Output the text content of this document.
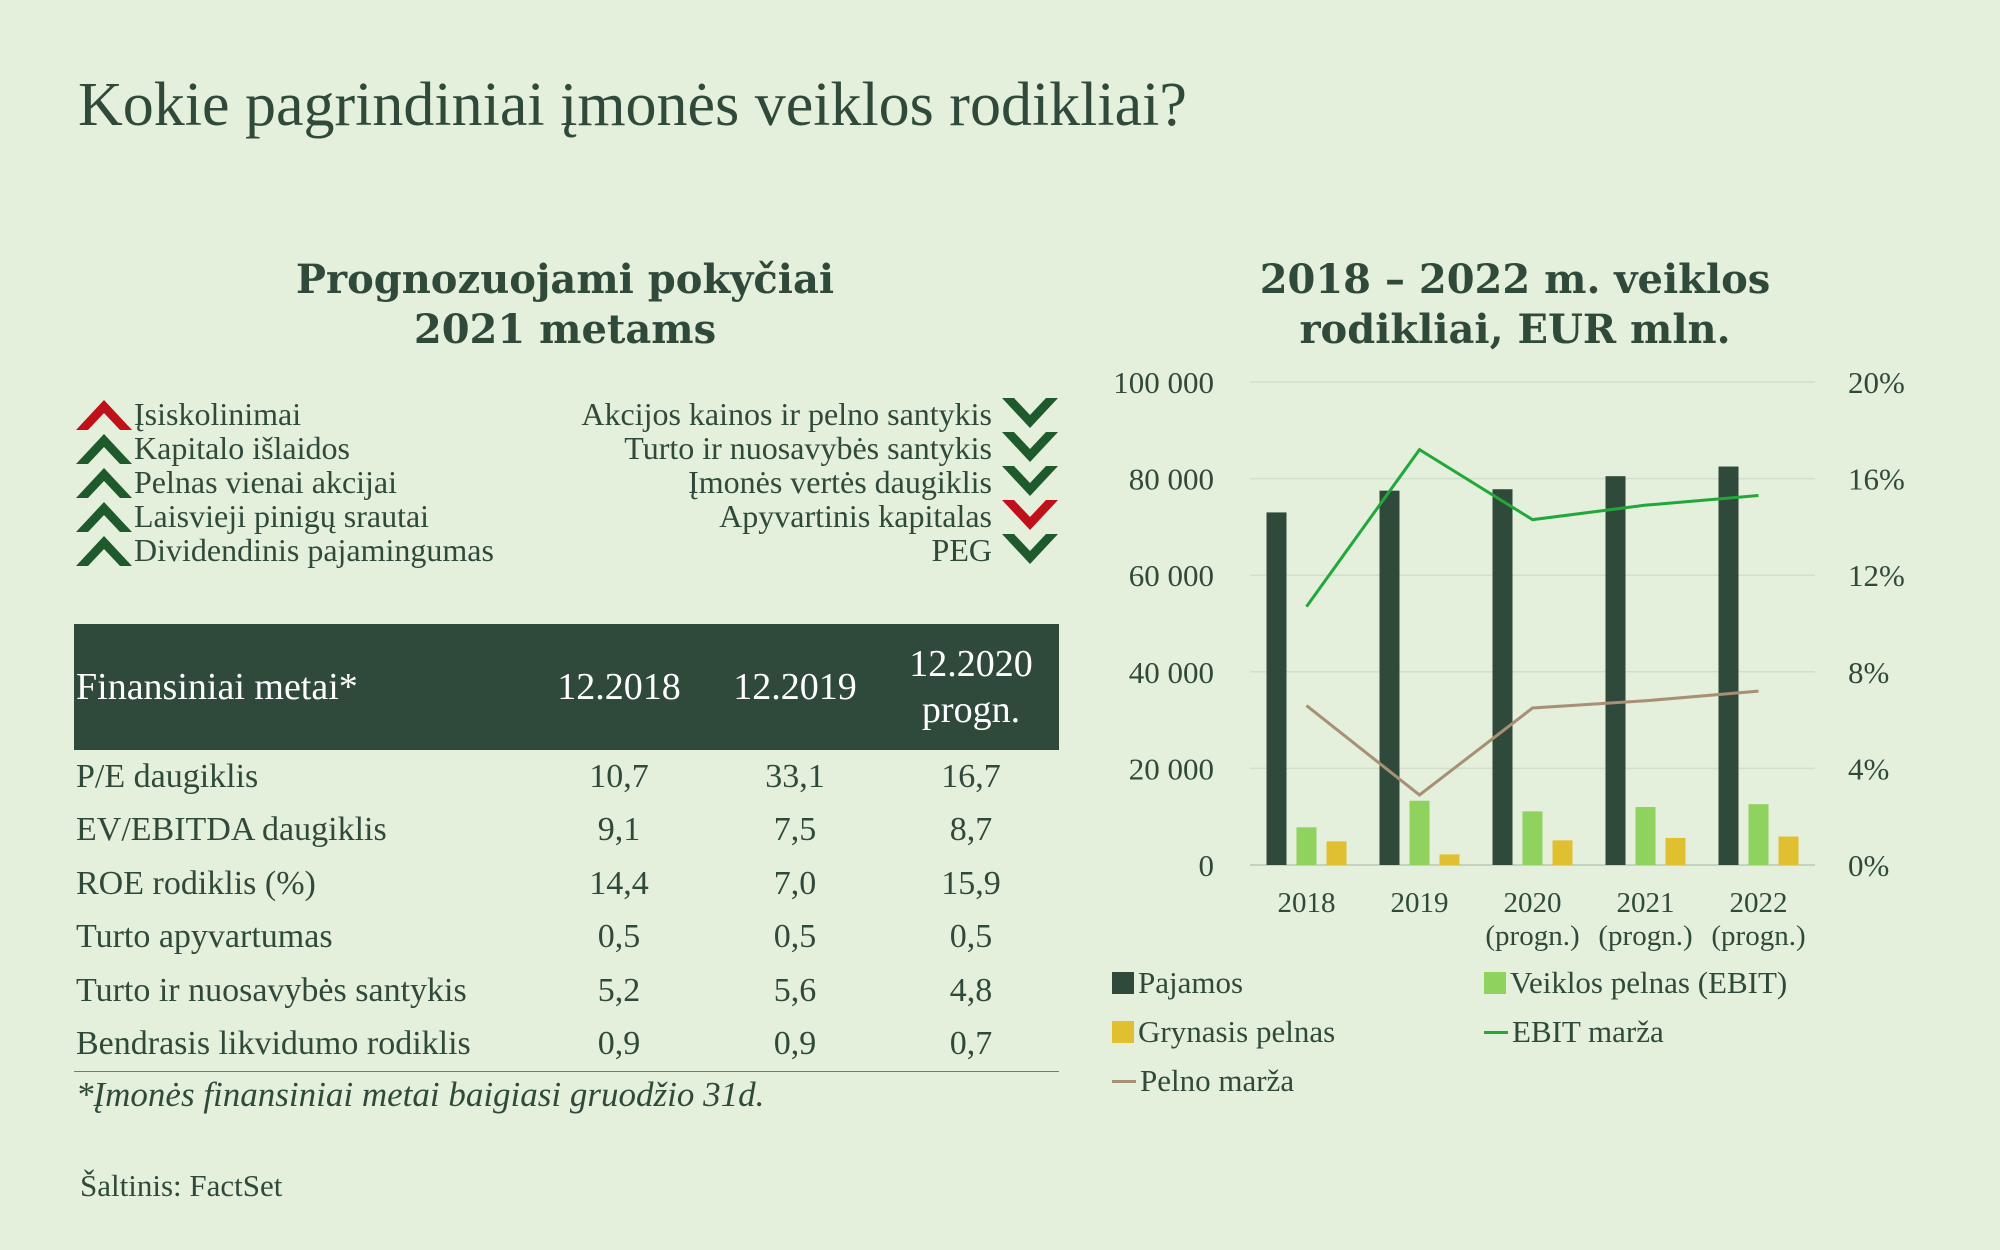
Kokie pagrindiniai įmonės veiklos rodikliai?
Prognozuojami pokyčiai
2021 metams
2018 – 2022 m. veiklos
rodikliai, EUR mln.
Įsiskolinimai
Kapitalo išlaidos
Pelnas vienai akcijai
Laisvieji pinigų srautai
Dividendinis pajamingumas
Akcijos kainos ir pelno santykis
Turto ir nuosavybės santykis
Įmonės vertės daugiklis
Apyvartinis kapitalas
PEG
Finansiniai metai*	12.2018	12.2019	12.2020
progn.

P/E daugiklis	10,7	33,1	16,7
EV/EBITDA daugiklis	9,1	7,5	8,7
ROE rodiklis (%)	14,4	7,0	15,9
Turto apyvartumas	0,5	0,5	0,5
Turto ir nuosavybės santykis	5,2	5,6	4,8
Bendrasis likvidumo rodiklis	0,9	0,9	0,7
*Įmonės finansiniai metai baigiasi gruodžio 31d.
Šaltinis: FactSet
0
20 000
40 000
60 000
80 000
100 000
0%
4%
8%
12%
16%
20%
2018 2019 2020
(progn.)
2021
(progn.)
2022
(progn.)
Pajamos	Veiklos pelnas (EBIT)
Grynasis pelnas	EBIT marža
Pelno marža
